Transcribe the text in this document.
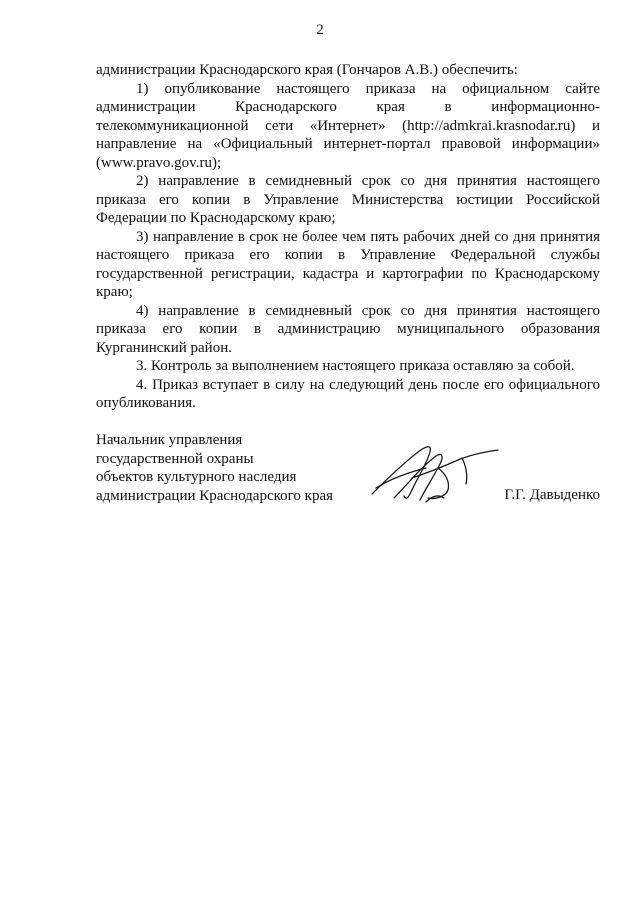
2

администрации Краснодарского края (Гончаров А.В.) обеспечить:

1) опубликование настоящего приказа на официальном сайте администрации Краснодарского края в информационно-телекоммуникационной сети «Интернет» (http://admkrai.krasnodar.ru) и направление на «Официальный интернет-портал правовой информации» (www.pravo.gov.ru);

2) направление в семидневный срок со дня принятия настоящего приказа его копии в Управление Министерства юстиции Российской Федерации по Краснодарскому краю;

3) направление в срок не более чем пять рабочих дней со дня принятия настоящего приказа его копии в Управление Федеральной службы государственной регистрации, кадастра и картографии по Краснодарскому краю;

4) направление в семидневный срок со дня принятия настоящего приказа его копии в администрацию муниципального образования Курганинский район.

3. Контроль за выполнением настоящего приказа оставляю за собой.

4. Приказ вступает в силу на следующий день после его официального опубликования.

Начальник управления
государственной охраны
объектов культурного наследия
администрации Краснодарского края	Г.Г. Давыденко
